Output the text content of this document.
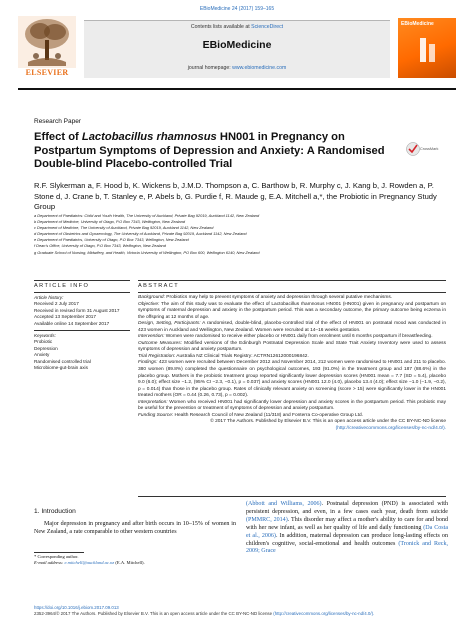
EBioMedicine 24 (2017) 159–165
ELSEVIER
Contents lists available at ScienceDirect
EBioMedicine
journal homepage: www.ebiomedicine.com
EBioMedicine
Research Paper
Effect of Lactobacillus rhamnosus HN001 in Pregnancy on Postpartum Symptoms of Depression and Anxiety: A Randomised Double-blind Placebo-controlled Trial
CrossMark
R.F. Slykerman a, F. Hood b, K. Wickens b, J.M.D. Thompson a, C. Barthow b, R. Murphy c, J. Kang b, J. Rowden a, P. Stone d, J. Crane b, T. Stanley e, P. Abels b, G. Purdie f, R. Maude g, E.A. Mitchell a,*, the Probiotic in Pregnancy Study Group
a Department of Paediatrics: Child and Youth Health, The University of Auckland, Private Bag 92019, Auckland 1142, New Zealand
b Department of Medicine, University of Otago, P.O Box 7343, Wellington, New Zealand
c Department of Medicine, The University of Auckland, Private Bag 92019, Auckland 1142, New Zealand
d Department of Obstetrics and Gynaecology, The University of Auckland, Private Bag 92019, Auckland 1142, New Zealand
e Department of Paediatrics, University of Otago, P.O Box 7343, Wellington, New Zealand
f Dean's Office, University of Otago, P.O Box 7343, Wellington, New Zealand
g Graduate School of Nursing, Midwifery, and Health, Victoria University of Wellington, PO Box 600, Wellington 6140, New Zealand
ARTICLE INFO	ABSTRACT
Article history:
Received 2 July 2017
Received in revised form 31 August 2017
Accepted 13 September 2017
Available online 14 September 2017
Keywords:
Probiotic
Depression
Anxiety
Randomised controlled trial
Microbiome-gut-brain axis

Background: Probiotics may help to prevent symptoms of anxiety and depression through several putative mechanisms.

Objective: The aim of this study was to evaluate the effect of Lactobacillus rhamnosus HN001 (HN001) given in pregnancy and postpartum on symptoms of maternal depression and anxiety in the postpartum period. This was a secondary outcome, the primary outcome being eczema in the offspring at 12 months of age.

Design, Setting, Participants: A randomised, double-blind, placebo-controlled trial of the effect of HN001 on postnatal mood was conducted in 423 women in Auckland and Wellington, New Zealand. Women were recruited at 14–16 weeks gestation.

Intervention: Women were randomised to receive either placebo or HN001 daily from enrolment until 6 months postpartum if breastfeeding.

Outcome Measures: Modified versions of the Edinburgh Postnatal Depression Scale and State Trait Anxiety Inventory were used to assess symptoms of depression and anxiety postpartum.

Trial Registration: Australia NZ Clinical Trials Registry: ACTRN12612000196842.

Findings: 423 women were recruited between December 2012 and November 2014, 212 women were randomised to HN001 and 211 to placebo. 380 women (89.8%) completed the questionnaire on psychological outcomes, 193 (91.0%) in the treatment group and 187 (88.6%) in the placebo group. Mothers in the probiotic treatment group reported significantly lower depression scores (HN001 mean = 7.7 (SD = 5.4), placebo 9.0 (6.0); effect size −1.2, (95% CI −2.3, −0.1), p = 0.037) and anxiety scores (HN001 12.0 (4.0), placebo 13.4 (4.0); effect size −1.0 (−1.9, −0.2), p = 0.014) than those in the placebo group. Rates of clinically relevant anxiety on screening (score > 15) were significantly lower in the HN001 treated mothers (OR = 0.44 (0.26, 0.73), p = 0.002).

Interpretation: Women who received HN001 had significantly lower depression and anxiety scores in the postpartum period. This probiotic may be useful for the prevention or treatment of symptoms of depression and anxiety postpartum.

Funding Source: Health Research Council of New Zealand (11/318) and Fonterra Co-operative Group Ltd.

© 2017 The Authors. Published by Elsevier B.V. This is an open access article under the CC BY-NC-ND license (http://creativecommons.org/licenses/by-nc-nd/4.0/).

1. Introduction
Major depression in pregnancy and after birth occurs in 10–15% of women in New Zealand, a rate comparable to other western countries
(Abbott and Williams, 2006). Postnatal depression (PND) is associated with persistent depression, and even, in a few cases each year, death from suicide (PMMRC, 2014). This disorder may affect a mother's ability to care for and bond with her new infant, as well as her quality of life and daily functioning (Da Costa et al., 2006). In addition, maternal depression can produce long-lasting effects on children's cognitive, social-emotional and health outcomes (Tronick and Reck, 2009; Grace
* Corresponding author.
E-mail address: e.mitchell@auckland.ac.nz (E.A. Mitchell).
https://doi.org/10.1016/j.ebiom.2017.09.013
2352-3964/© 2017 The Authors. Published by Elsevier B.V. This is an open access article under the CC BY-NC-ND license (http://creativecommons.org/licenses/by-nc-nd/4.0/).
